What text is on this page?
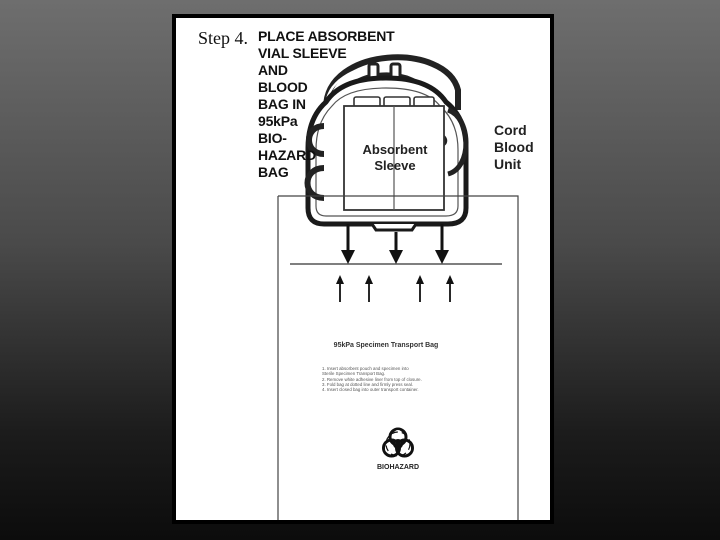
Step 4. PLACE ABSORBENT
VIAL SLEEVE
AND
BLOOD
BAG IN
95kPa
BIO-
HAZARD
BAG
Absorbent
Sleeve
Cord
Blood
Unit
95kPa Specimen Transport Bag
1. Insert absorbent pouch and specimen into
Sterile Specimen Transport Bag.
2. Remove white adhesive liner from top of closure.
3. Fold bag at dotted line and firmly press seal.
4. Insert closed bag into outer transport container.
BIOHAZARD
